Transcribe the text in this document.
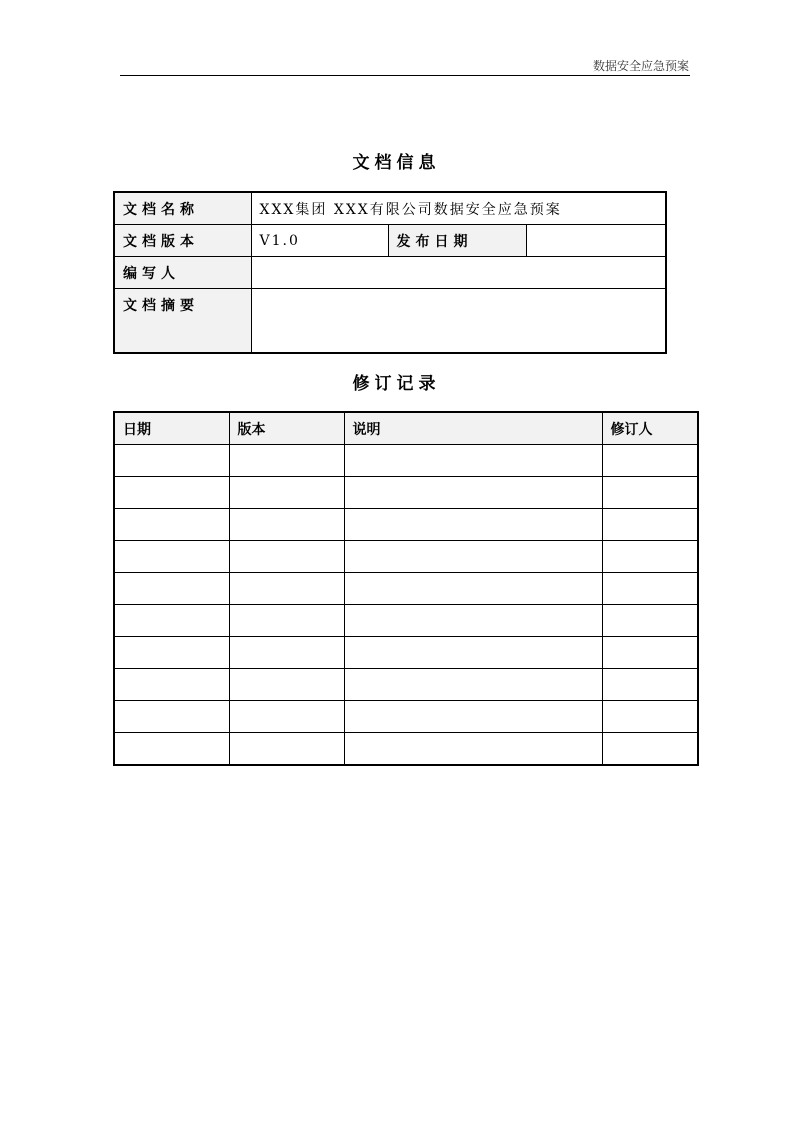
数据安全应急预案
文档信息
文档名称	XXX集团 XXX有限公司数据安全应急预案		
文档版本	V1.0	发布日期	
编写人			
文档摘要			
修订记录
日期	版本	说明	修订人
